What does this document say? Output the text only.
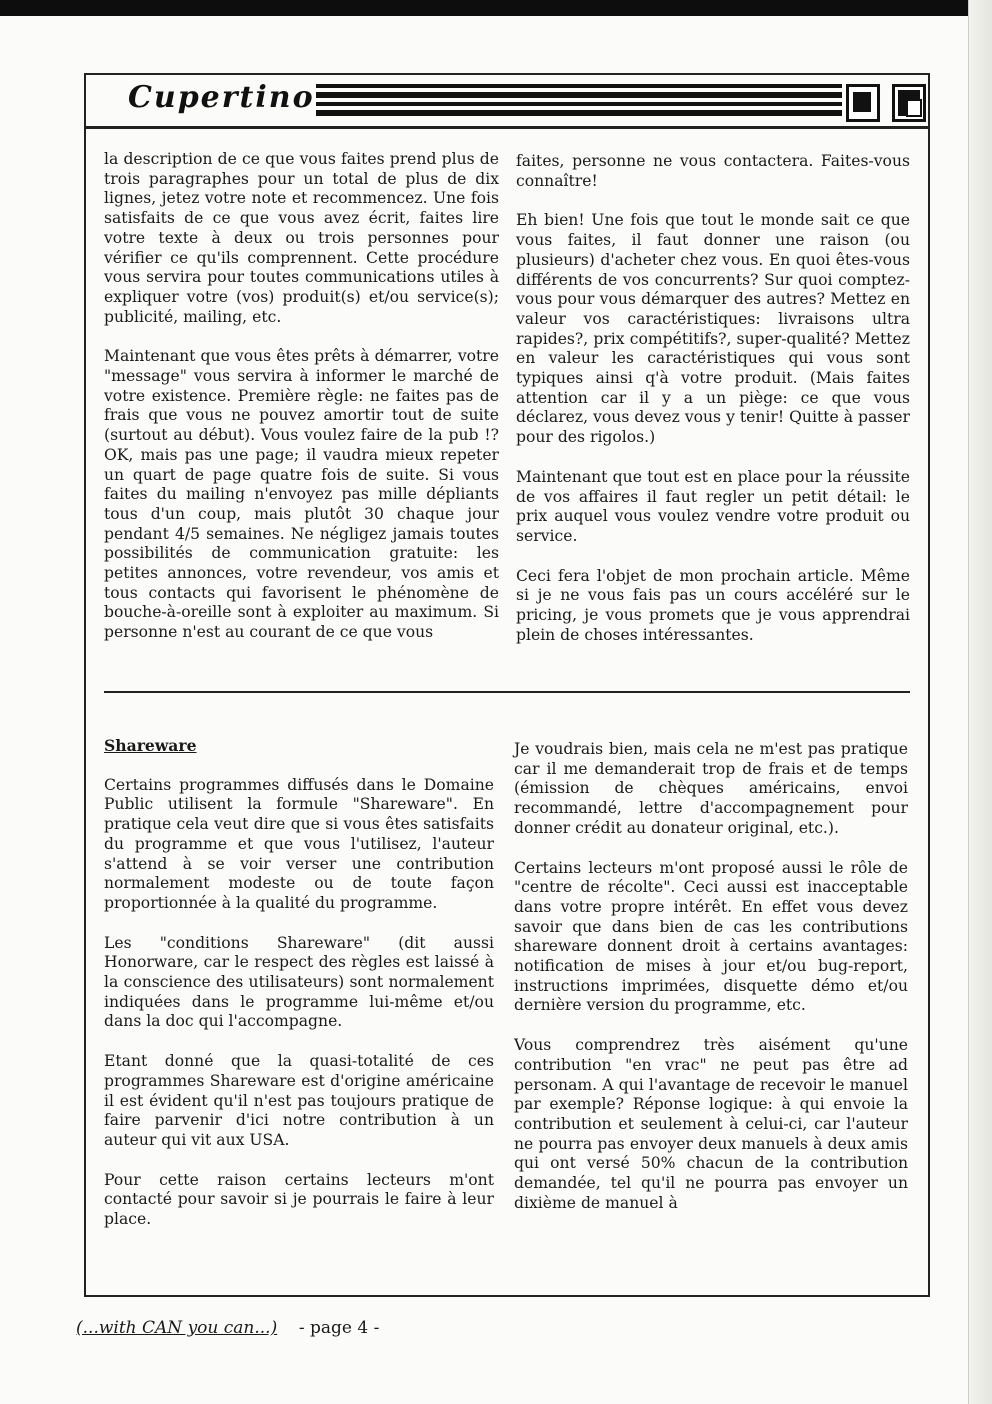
Cupertino

la description de ce que vous faites prend plus de trois paragraphes pour un total de plus de dix lignes, jetez votre note et recommencez. Une fois satisfaits de ce que vous avez écrit, faites lire votre texte à deux ou trois personnes pour vérifier ce qu'ils comprennent. Cette procédure vous servira pour toutes communications utiles à expliquer votre (vos) produit(s) et/ou service(s); publicité, mailing, etc.

Maintenant que vous êtes prêts à démarrer, votre "message" vous servira à informer le marché de votre existence. Première règle: ne faites pas de frais que vous ne pouvez amortir tout de suite (surtout au début). Vous voulez faire de la pub !? OK, mais pas une page; il vaudra mieux repeter un quart de page quatre fois de suite. Si vous faites du mailing n'envoyez pas mille dépliants tous d'un coup, mais plutôt 30 chaque jour pendant 4/5 semaines. Ne négligez jamais toutes possibilités de communication gratuite: les petites annonces, votre revendeur, vos amis et tous contacts qui favorisent le phénomène de bouche-à-oreille sont à exploiter au maximum. Si personne n'est au courant de ce que vous

faites, personne ne vous contactera. Faites-vous connaître!

Eh bien! Une fois que tout le monde sait ce que vous faites, il faut donner une raison (ou plusieurs) d'acheter chez vous. En quoi êtes-vous différents de vos concurrents? Sur quoi comptez-vous pour vous démarquer des autres? Mettez en valeur vos caractéristiques: livraisons ultra rapides?, prix compétitifs?, super-qualité? Mettez en valeur les caractéristiques qui vous sont typiques ainsi q'à votre produit. (Mais faites attention car il y a un piège: ce que vous déclarez, vous devez vous y tenir! Quitte à passer pour des rigolos.)

Maintenant que tout est en place pour la réussite de vos affaires il faut regler un petit détail: le prix auquel vous voulez vendre votre produit ou service.

Ceci fera l'objet de mon prochain article. Même si je ne vous fais pas un cours accéléré sur le pricing, je vous promets que je vous apprendrai plein de choses intéressantes.

Shareware

Certains programmes diffusés dans le Domaine Public utilisent la formule "Shareware". En pratique cela veut dire que si vous êtes satisfaits du programme et que vous l'utilisez, l'auteur s'attend à se voir verser une contribution normalement modeste ou de toute façon proportionnée à la qualité du programme.

Les "conditions Shareware" (dit aussi Honorware, car le respect des règles est laissé à la conscience des utilisateurs) sont normalement indiquées dans le programme lui-même et/ou dans la doc qui l'accompagne.

Etant donné que la quasi-totalité de ces programmes Shareware est d'origine américaine il est évident qu'il n'est pas toujours pratique de faire parvenir d'ici notre contribution à un auteur qui vit aux USA.

Pour cette raison certains lecteurs m'ont contacté pour savoir si je pourrais le faire à leur place.

Je voudrais bien, mais cela ne m'est pas pratique car il me demanderait trop de frais et de temps (émission de chèques américains, envoi recommandé, lettre d'accompagnement pour donner crédit au donateur original, etc.).

Certains lecteurs m'ont proposé aussi le rôle de "centre de récolte". Ceci aussi est inacceptable dans votre propre intérêt. En effet vous devez savoir que dans bien de cas les contributions shareware donnent droit à certains avantages: notification de mises à jour et/ou bug-report, instructions imprimées, disquette démo et/ou dernière version du programme, etc.

Vous comprendrez très aisément qu'une contribution "en vrac" ne peut pas être ad personam. A qui l'avantage de recevoir le manuel par exemple? Réponse logique: à qui envoie la contribution et seulement à celui-ci, car l'auteur ne pourra pas envoyer deux manuels à deux amis qui ont versé 50% chacun de la contribution demandée, tel qu'il ne pourra pas envoyer un dixième de manuel à

(...with CAN you can...) - page 4 -
